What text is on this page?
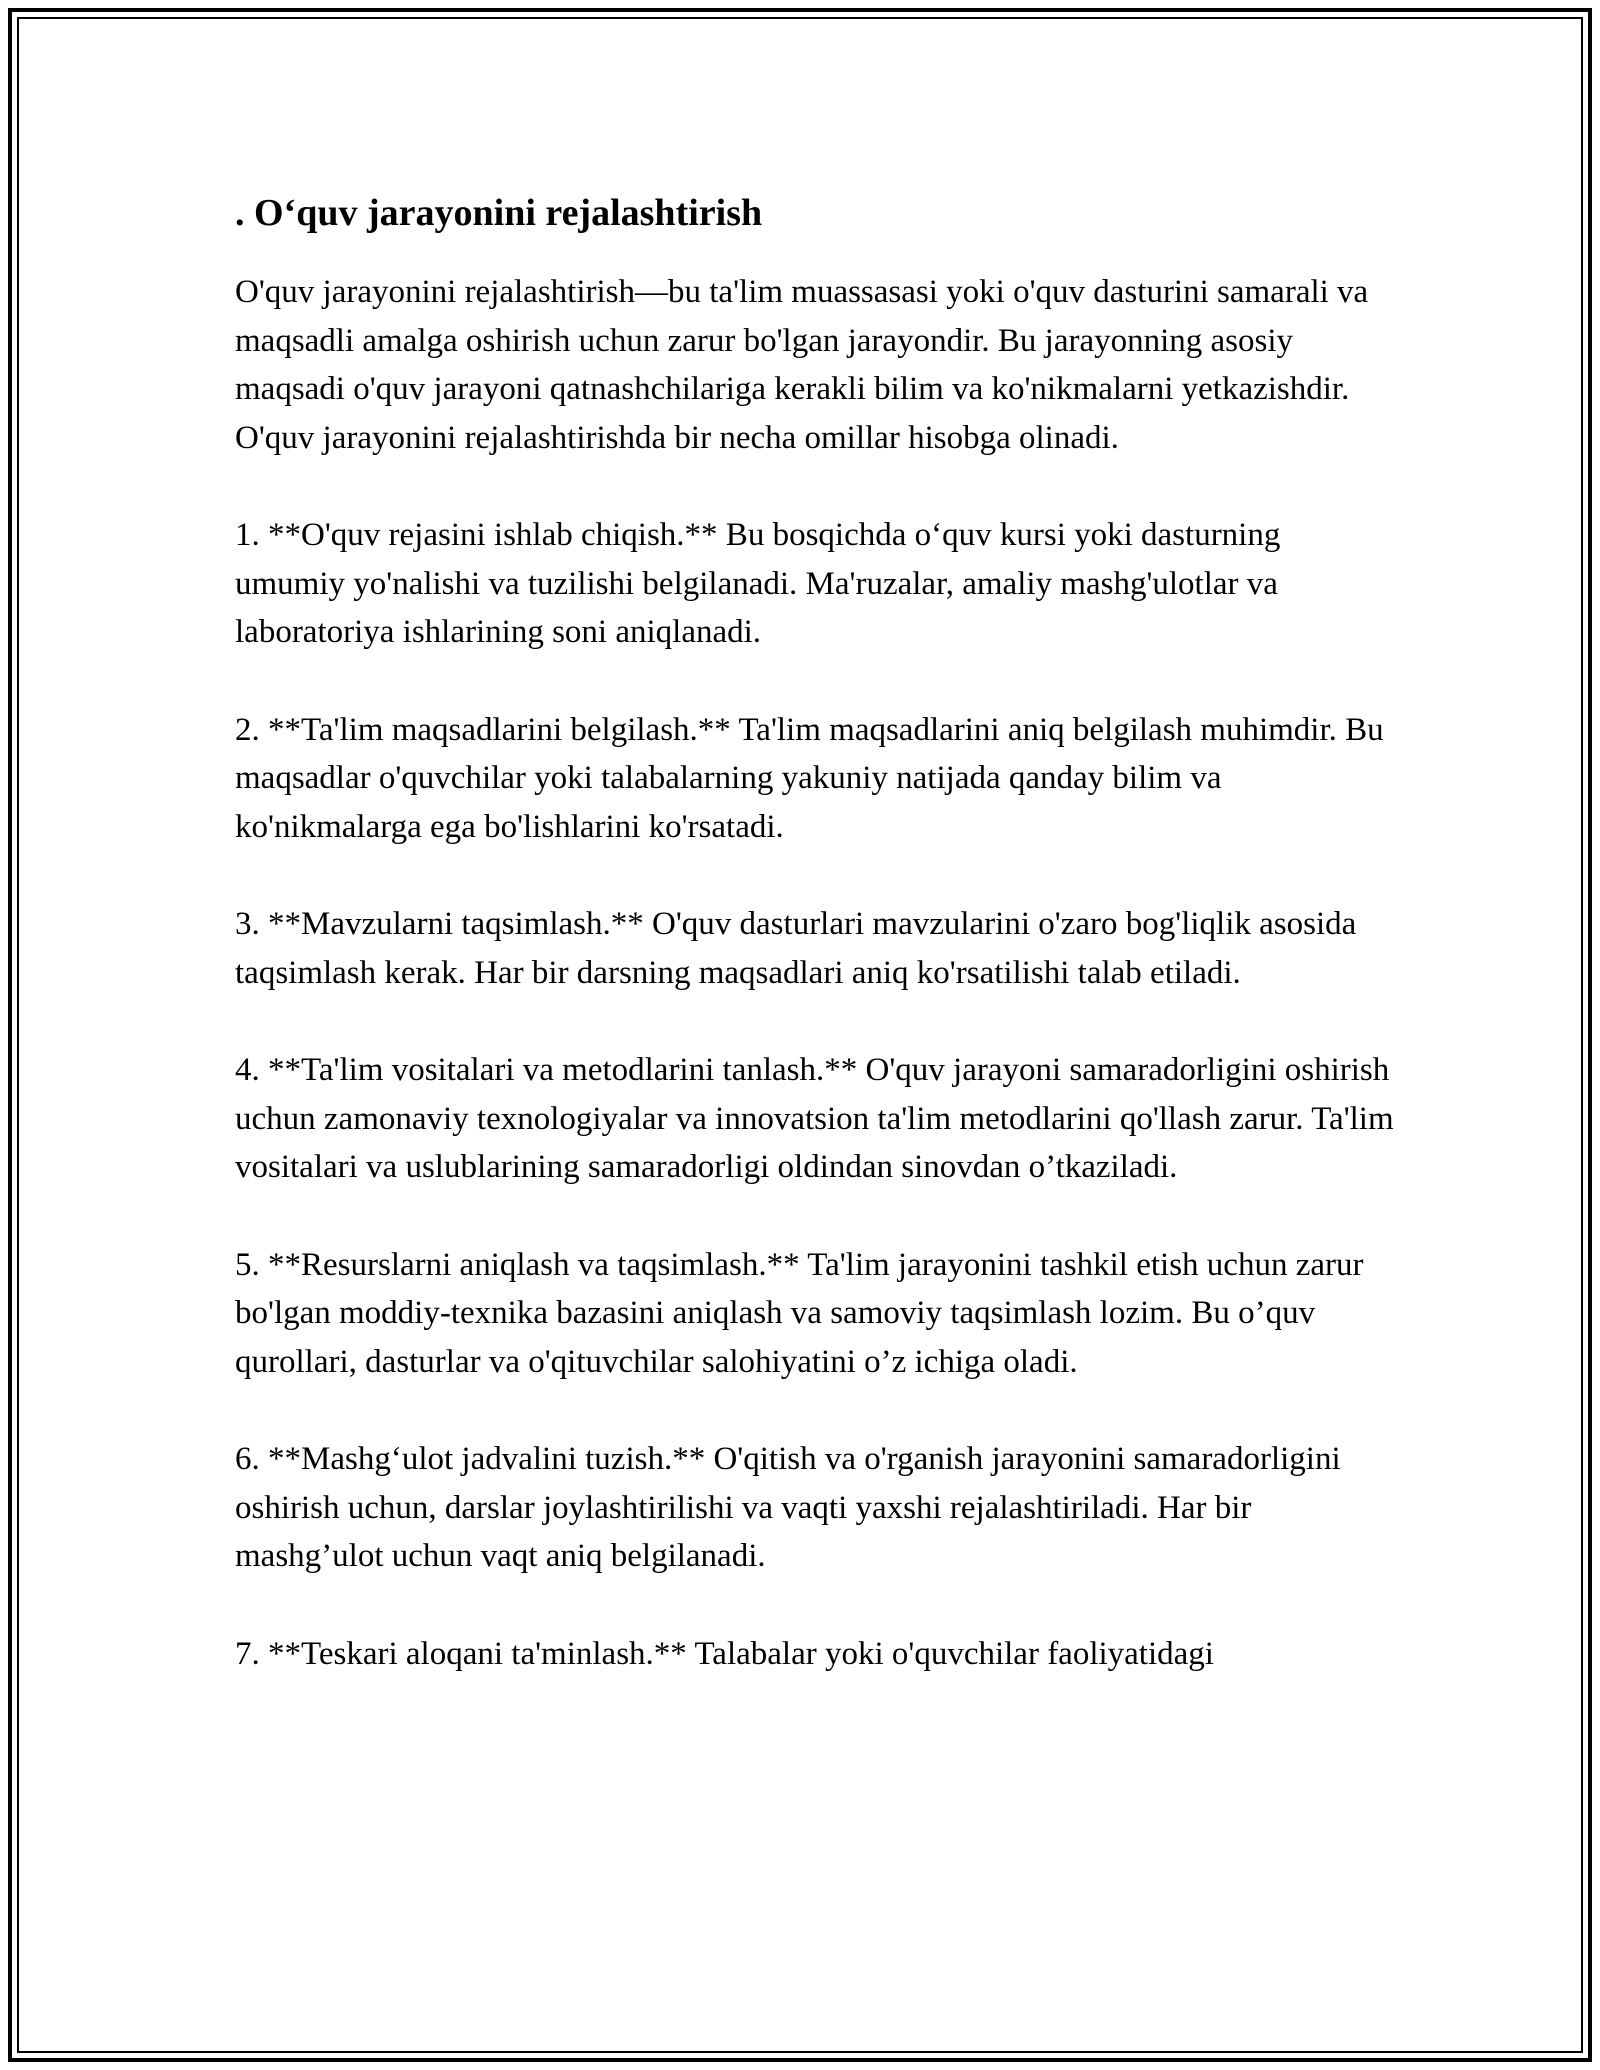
. O‘quv jarayonini rejalashtirish

O'quv jarayonini rejalashtirish—bu ta'lim muassasasi yoki o'quv dasturini samarali va maqsadli amalga oshirish uchun zarur bo'lgan jarayondir. Bu jarayonning asosiy maqsadi o'quv jarayoni qatnashchilariga kerakli bilim va ko'nikmalarni yetkazishdir. O'quv jarayonini rejalashtirishda bir necha omillar hisobga olinadi.

1. **O'quv rejasini ishlab chiqish.** Bu bosqichda o‘quv kursi yoki dasturning umumiy yo'nalishi va tuzilishi belgilanadi. Ma'ruzalar, amaliy mashg'ulotlar va laboratoriya ishlarining soni aniqlanadi.

2. **Ta'lim maqsadlarini belgilash.** Ta'lim maqsadlarini aniq belgilash muhimdir. Bu maqsadlar o'quvchilar yoki talabalarning yakuniy natijada qanday bilim va ko'nikmalarga ega bo'lishlarini ko'rsatadi.

3. **Mavzularni taqsimlash.** O'quv dasturlari mavzularini o'zaro bog'liqlik asosida taqsimlash kerak. Har bir darsning maqsadlari aniq ko'rsatilishi talab etiladi.

4. **Ta'lim vositalari va metodlarini tanlash.** O'quv jarayoni samaradorligini oshirish uchun zamonaviy texnologiyalar va innovatsion ta'lim metodlarini qo'llash zarur. Ta'lim vositalari va uslublarining samaradorligi oldindan sinovdan o’tkaziladi.

5. **Resurslarni aniqlash va taqsimlash.** Ta'lim jarayonini tashkil etish uchun zarur bo'lgan moddiy-texnika bazasini aniqlash va samoviy taqsimlash lozim. Bu o’quv qurollari, dasturlar va o'qituvchilar salohiyatini o’z ichiga oladi.

6. **Mashg‘ulot jadvalini tuzish.** O'qitish va o'rganish jarayonini samaradorligini oshirish uchun, darslar joylashtirilishi va vaqti yaxshi rejalashtiriladi. Har bir mashg’ulot uchun vaqt aniq belgilanadi.

7. **Teskari aloqani ta'minlash.** Talabalar yoki o'quvchilar faoliyatidagi
